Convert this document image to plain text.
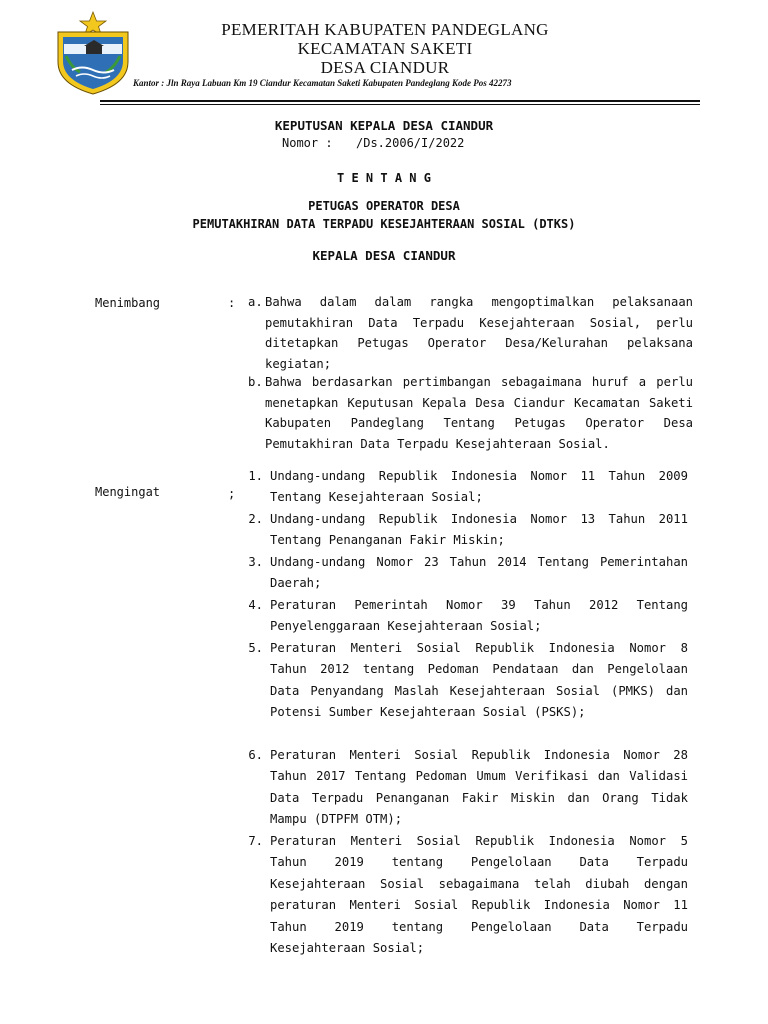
PEMERITAH KABUPATEN PANDEGLANG
KECAMATAN SAKETI
DESA CIANDUR
Kantor : Jln Raya Labuan Km 19 Ciandur Kecamatan Saketi Kabupaten Pandeglang Kode Pos 42273
KEPUTUSAN KEPALA DESA CIANDUR
Nomor : /Ds.2006/I/2022
T E N T A N G
PETUGAS OPERATOR DESA
PEMUTAKHIRAN DATA TERPADU KESEJAHTERAAN SOSIAL (DTKS)
KEPALA DESA CIANDUR
Menimbang	: a. Bahwa dalam dalam rangka mengoptimalkan pelaksanaan pemutakhiran Data Terpadu Kesejahteraan Sosial, perlu ditetapkan Petugas Operator Desa/Kelurahan pelaksana kegiatan;
b. Bahwa berdasarkan pertimbangan sebagaimana huruf a perlu menetapkan Keputusan Kepala Desa Ciandur Kecamatan Saketi Kabupaten Pandeglang Tentang Petugas Operator Desa Pemutakhiran Data Terpadu Kesejahteraan Sosial.
Mengingat	;
1. Undang-undang Republik Indonesia Nomor 11 Tahun 2009 Tentang Kesejahteraan Sosial;
2. Undang-undang Republik Indonesia Nomor 13 Tahun 2011 Tentang Penanganan Fakir Miskin;
3. Undang-undang Nomor 23 Tahun 2014 Tentang Pemerintahan Daerah;
4. Peraturan Pemerintah Nomor 39 Tahun 2012 Tentang Penyelenggaraan Kesejahteraan Sosial;
5. Peraturan Menteri Sosial Republik Indonesia Nomor 8 Tahun 2012 tentang Pedoman Pendataan dan Pengelolaan Data Penyandang Maslah Kesejahteraan Sosial (PMKS) dan Potensi Sumber Kesejahteraan Sosial (PSKS);
6. Peraturan Menteri Sosial Republik Indonesia Nomor 28 Tahun 2017 Tentang Pedoman Umum Verifikasi dan Validasi Data Terpadu Penanganan Fakir Miskin dan Orang Tidak Mampu (DTPFM OTM);
7. Peraturan Menteri Sosial Republik Indonesia Nomor 5 Tahun 2019 tentang Pengelolaan Data Terpadu Kesejahteraan Sosial sebagaimana telah diubah dengan peraturan Menteri Sosial Republik Indonesia Nomor 11 Tahun 2019 tentang Pengelolaan Data Terpadu Kesejahteraan Sosial;
